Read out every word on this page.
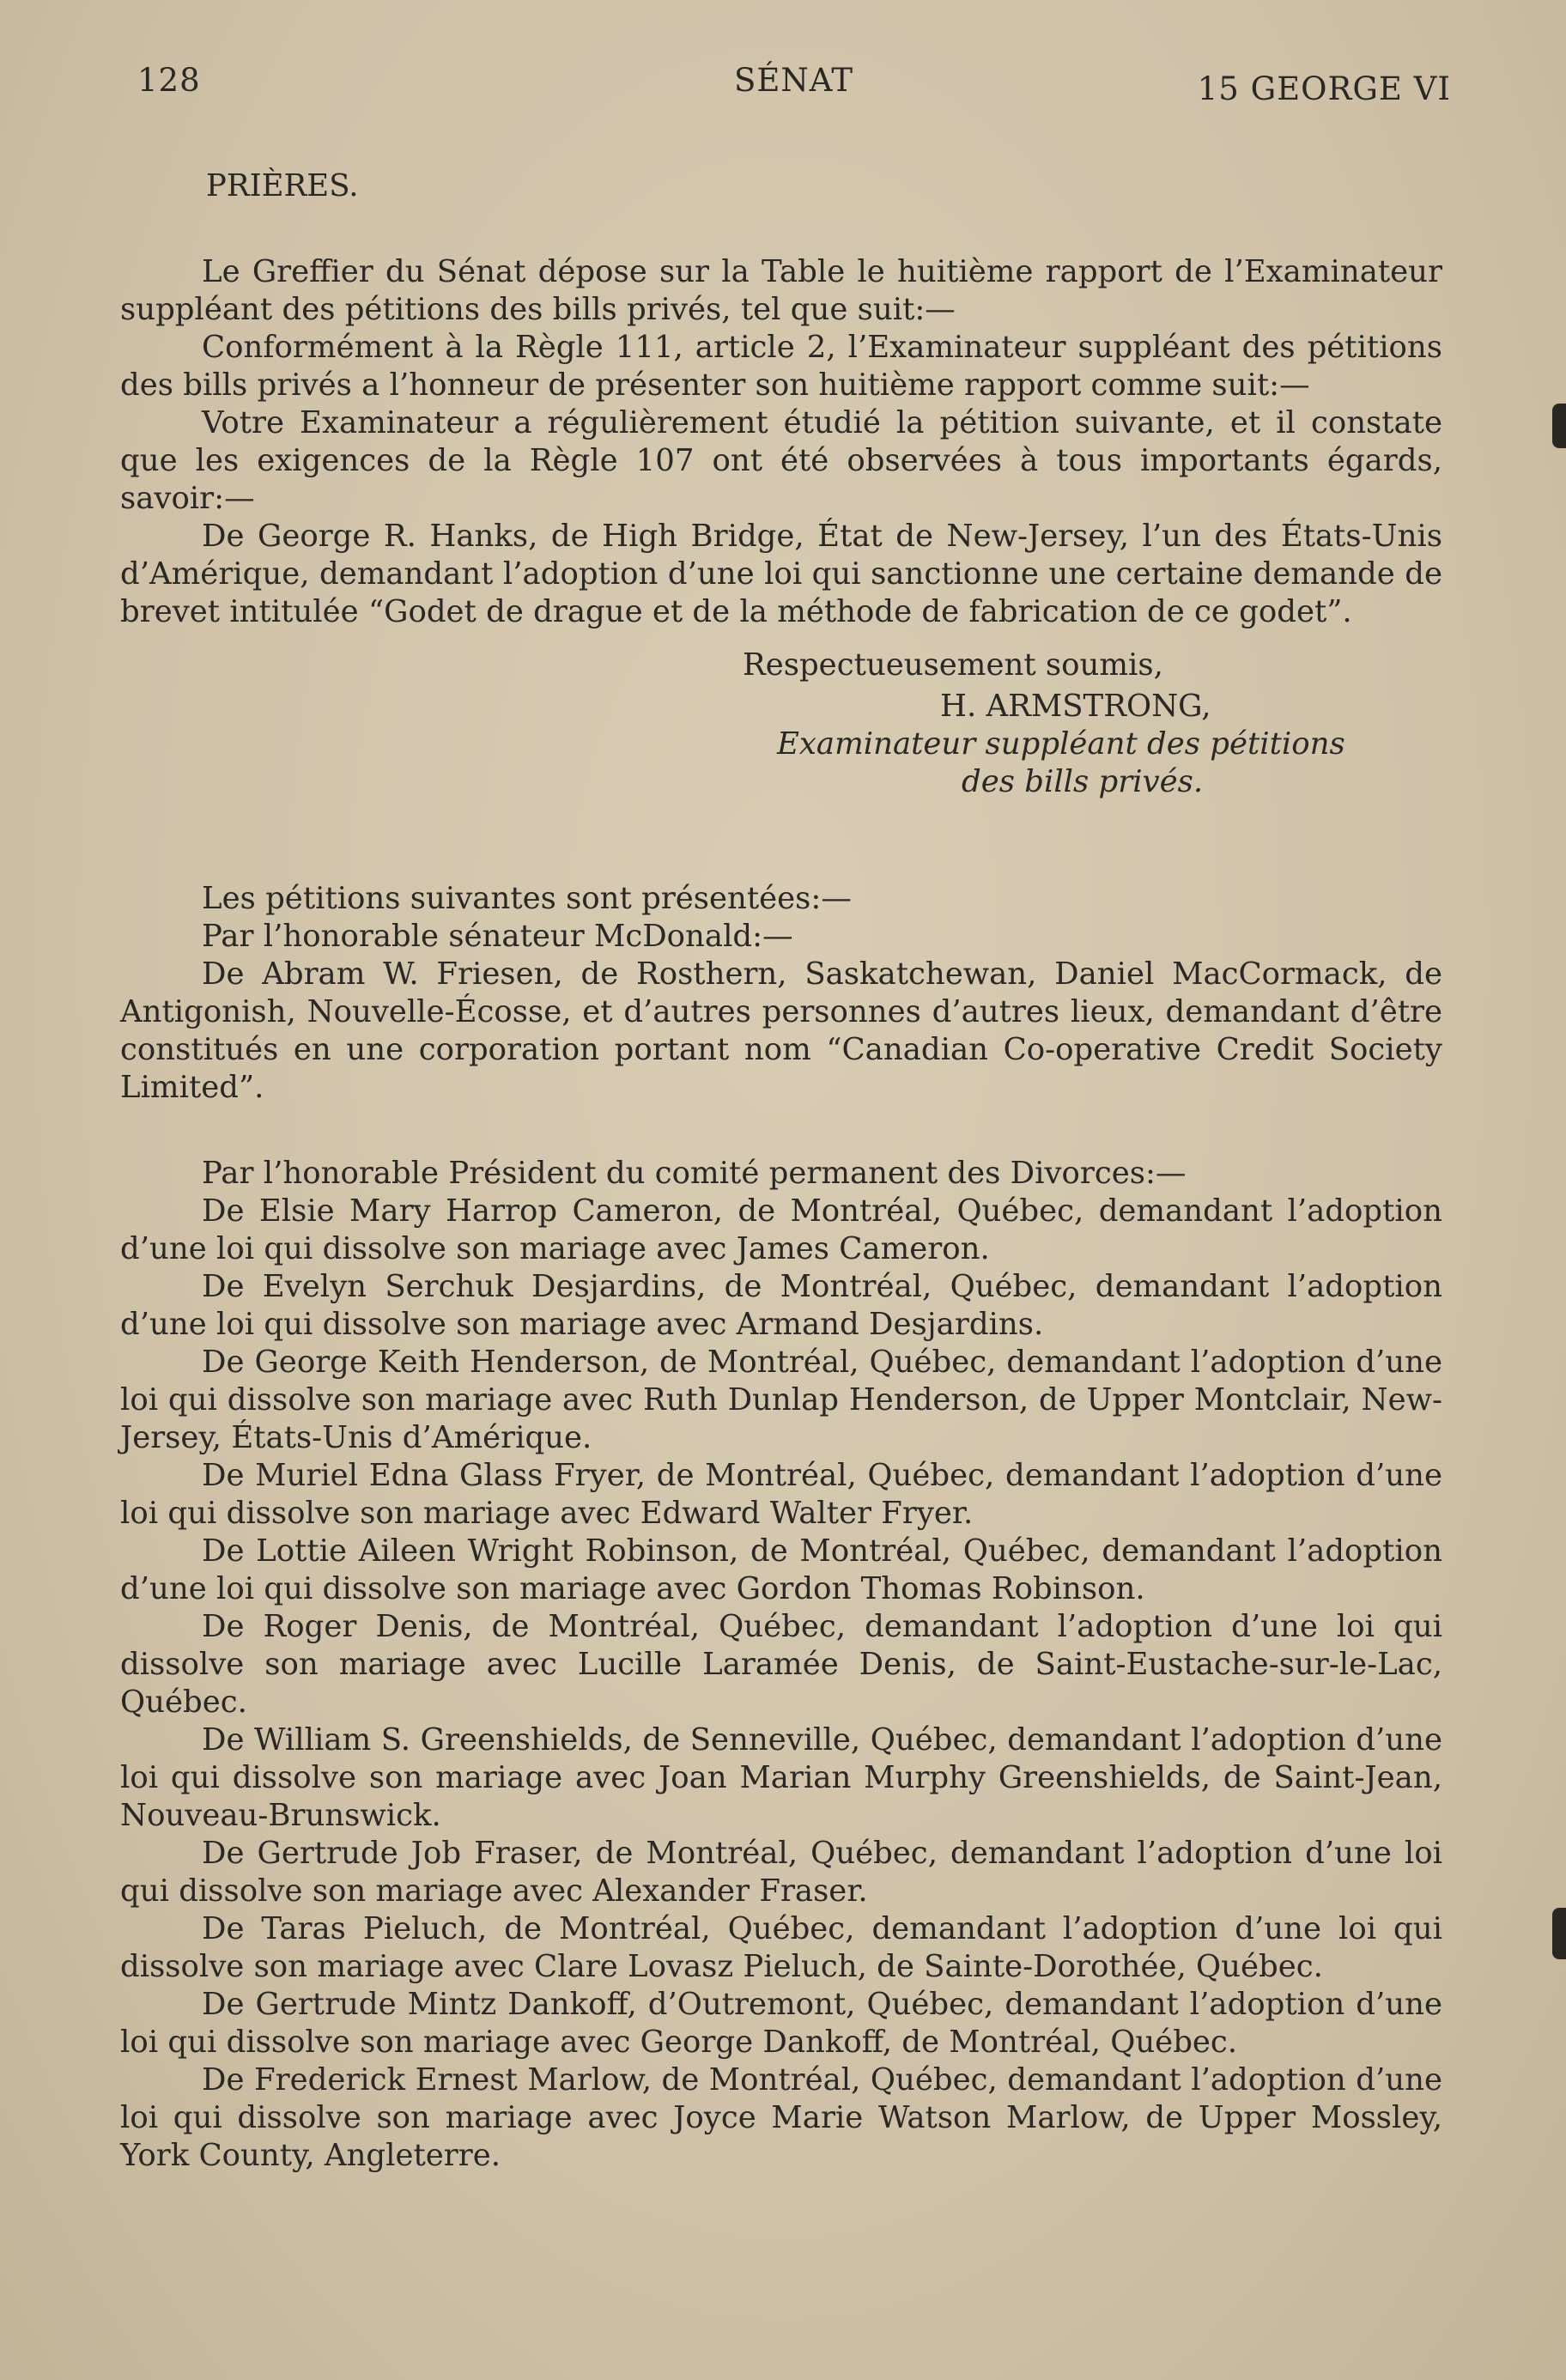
128	SÉNAT	15 GEORGE VI
PRIÈRES.

Le Greffier du Sénat dépose sur la Table le huitième rapport de l’Examinateur suppléant des pétitions des bills privés, tel que suit:—

Conformément à la Règle 111, article 2, l’Examinateur suppléant des pétitions des bills privés a l’honneur de présenter son huitième rapport comme suit:—

Votre Examinateur a régulièrement étudié la pétition suivante, et il constate que les exigences de la Règle 107 ont été observées à tous importants égards, savoir:—

De George R. Hanks, de High Bridge, État de New-Jersey, l’un des États-Unis d’Amérique, demandant l’adoption d’une loi qui sanctionne une certaine demande de brevet intitulée “Godet de drague et de la méthode de fabrication de ce godet”.

Respectueusement soumis,
H. ARMSTRONG,
Examinateur suppléant des pétitions
des bills privés.

Les pétitions suivantes sont présentées:—

Par l’honorable sénateur McDonald:—

De Abram W. Friesen, de Rosthern, Saskatchewan, Daniel MacCormack, de Antigonish, Nouvelle-Écosse, et d’autres personnes d’autres lieux, demandant d’être constitués en une corporation portant nom “Canadian Co-operative Credit Society Limited”.

Par l’honorable Président du comité permanent des Divorces:—

De Elsie Mary Harrop Cameron, de Montréal, Québec, demandant l’adoption d’une loi qui dissolve son mariage avec James Cameron.

De Evelyn Serchuk Desjardins, de Montréal, Québec, demandant l’adoption d’une loi qui dissolve son mariage avec Armand Desjardins.

De George Keith Henderson, de Montréal, Québec, demandant l’adoption d’une loi qui dissolve son mariage avec Ruth Dunlap Henderson, de Upper Montclair, New-Jersey, États-Unis d’Amérique.

De Muriel Edna Glass Fryer, de Montréal, Québec, demandant l’adoption d’une loi qui dissolve son mariage avec Edward Walter Fryer.

De Lottie Aileen Wright Robinson, de Montréal, Québec, demandant l’adoption d’une loi qui dissolve son mariage avec Gordon Thomas Robinson.

De Roger Denis, de Montréal, Québec, demandant l’adoption d’une loi qui dissolve son mariage avec Lucille Laramée Denis, de Saint-Eustache-sur-le-Lac, Québec.

De William S. Greenshields, de Senneville, Québec, demandant l’adoption d’une loi qui dissolve son mariage avec Joan Marian Murphy Greenshields, de Saint-Jean, Nouveau-Brunswick.

De Gertrude Job Fraser, de Montréal, Québec, demandant l’adoption d’une loi qui dissolve son mariage avec Alexander Fraser.

De Taras Pieluch, de Montréal, Québec, demandant l’adoption d’une loi qui dissolve son mariage avec Clare Lovasz Pieluch, de Sainte-Dorothée, Québec.

De Gertrude Mintz Dankoff, d’Outremont, Québec, demandant l’adoption d’une loi qui dissolve son mariage avec George Dankoff, de Montréal, Québec.

De Frederick Ernest Marlow, de Montréal, Québec, demandant l’adoption d’une loi qui dissolve son mariage avec Joyce Marie Watson Marlow, de Upper Mossley, York County, Angleterre.
